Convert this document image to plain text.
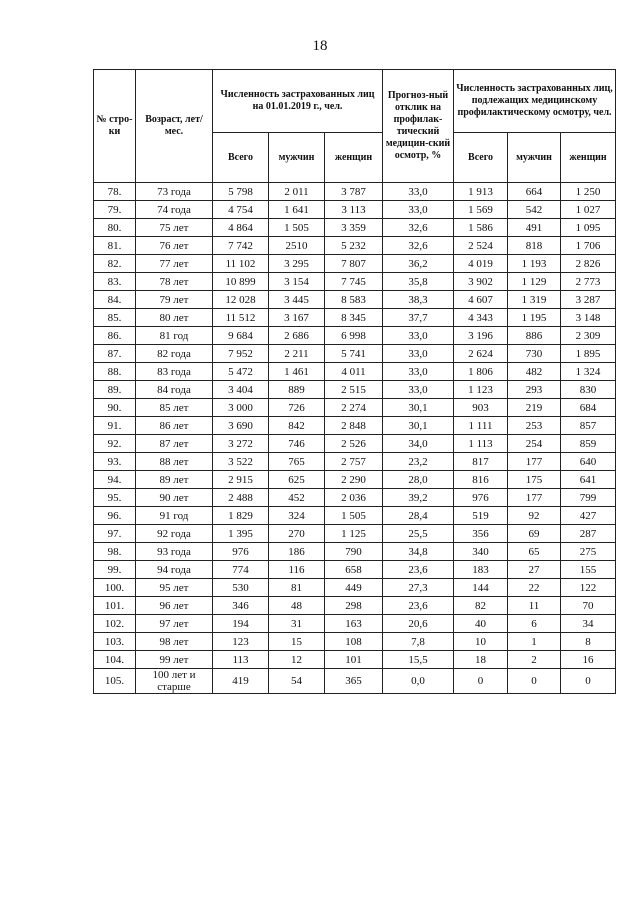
18
№ стро-ки	Возраст, лет/ мес.	Численность застрахованных лиц на 01.01.2019 г., чел.			Прогноз-ный отклик на профилак-тический медицин-ский осмотр, %	Численность застрахованных лиц, подлежащих медицинскому профилактическому осмотру, чел.		
		Всего	мужчин	женщин		Всего	мужчин	женщин
78.	73 года	5 798	2 011	3 787	33,0	1 913	664	1 250
79.	74 года	4 754	1 641	3 113	33,0	1 569	542	1 027
80.	75 лет	4 864	1 505	3 359	32,6	1 586	491	1 095
81.	76 лет	7 742	2510	5 232	32,6	2 524	818	1 706
82.	77 лет	11 102	3 295	7 807	36,2	4 019	1 193	2 826
83.	78 лет	10 899	3 154	7 745	35,8	3 902	1 129	2 773
84.	79 лет	12 028	3 445	8 583	38,3	4 607	1 319	3 287
85.	80 лет	11 512	3 167	8 345	37,7	4 343	1 195	3 148
86.	81 год	9 684	2 686	6 998	33,0	3 196	886	2 309
87.	82 года	7 952	2 211	5 741	33,0	2 624	730	1 895
88.	83 года	5 472	1 461	4 011	33,0	1 806	482	1 324
89.	84 года	3 404	889	2 515	33,0	1 123	293	830
90.	85 лет	3 000	726	2 274	30,1	903	219	684
91.	86 лет	3 690	842	2 848	30,1	1 111	253	857
92.	87 лет	3 272	746	2 526	34,0	1 113	254	859
93.	88 лет	3 522	765	2 757	23,2	817	177	640
94.	89 лет	2 915	625	2 290	28,0	816	175	641
95.	90 лет	2 488	452	2 036	39,2	976	177	799
96.	91 год	1 829	324	1 505	28,4	519	92	427
97.	92 года	1 395	270	1 125	25,5	356	69	287
98.	93 года	976	186	790	34,8	340	65	275
99.	94 года	774	116	658	23,6	183	27	155
100.	95 лет	530	81	449	27,3	144	22	122
101.	96 лет	346	48	298	23,6	82	11	70
102.	97 лет	194	31	163	20,6	40	6	34
103.	98 лет	123	15	108	7,8	10	1	8
104.	99 лет	113	12	101	15,5	18	2	16
105.	100 лет и старше	419	54	365	0,0	0	0	0
